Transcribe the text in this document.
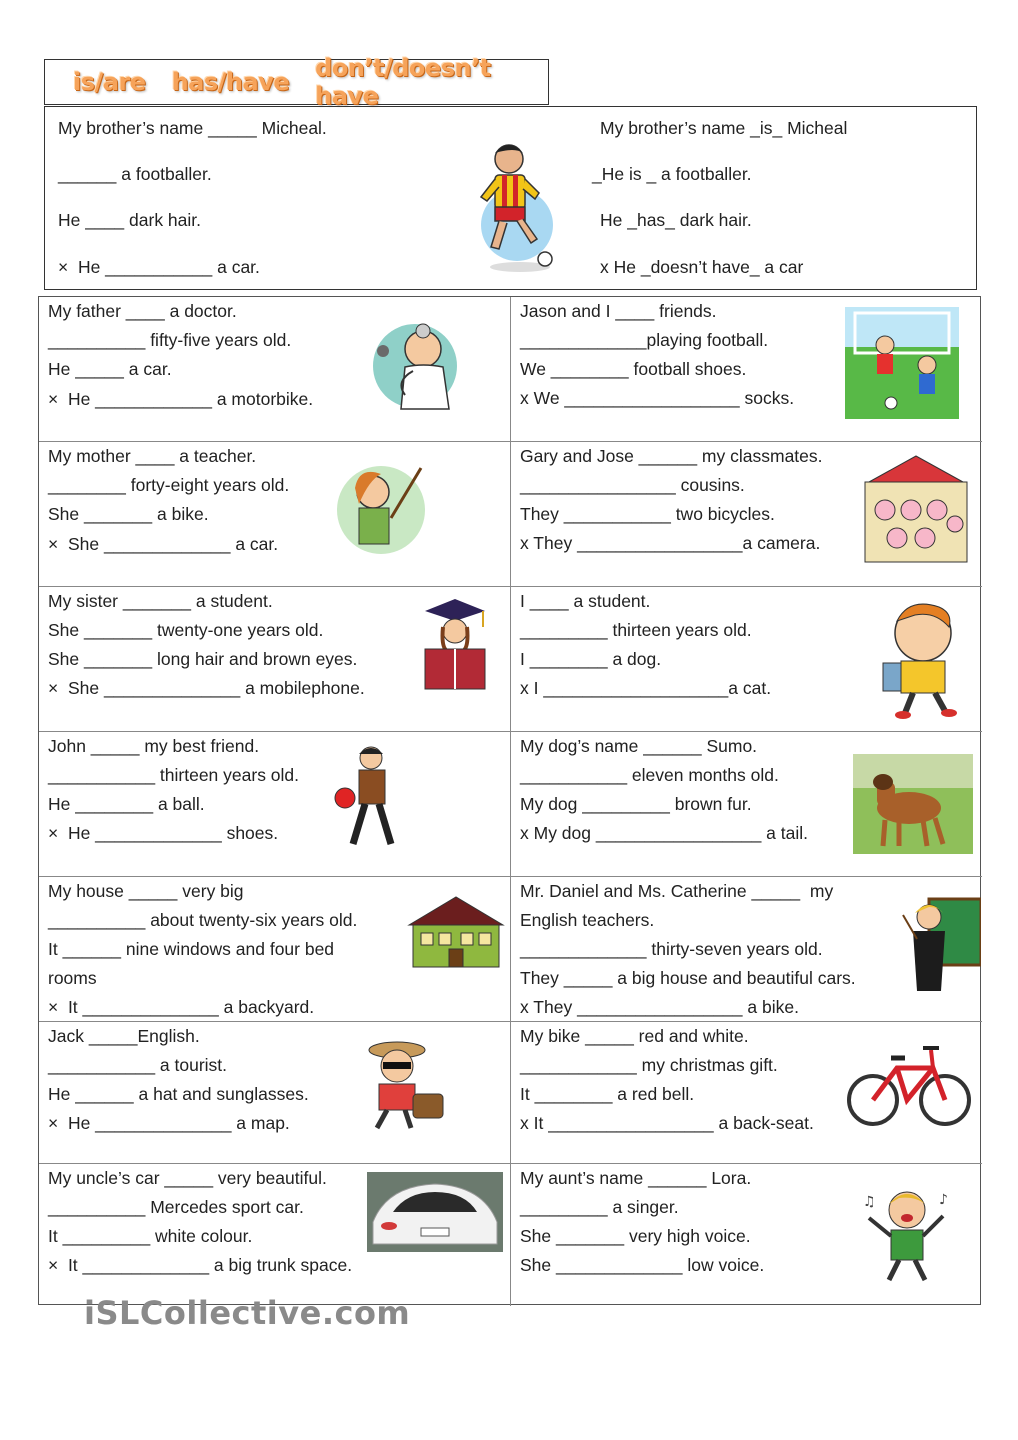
is/are has/have don’t/doesn’t have
My brother’s name _____ Micheal.
______ a footballer.
He ____ dark hair.
×  He ___________ a car.
My brother’s name _is_ Micheal
_He is _ a footballer.
He _has_ dark hair.
x He _doesn’t have_ a car
My father ____ a doctor.
__________ fifty-five years old.
He _____ a car.
×  He ____________ a motorbike.
Jason and I ____ friends.
_____________playing football.
We ________ football shoes.
x We __________________ socks.
My mother ____ a teacher.
________ forty-eight years old.
She _______ a bike.
×  She _____________ a car.
Gary and Jose ______ my classmates.
________________ cousins.
They ___________ two bicycles.
x They _________________a camera.
My sister _______ a student.
She _______ twenty-one years old.
She _______ long hair and brown eyes.
×  She ______________ a mobilephone.
I ____ a student.
_________ thirteen years old.
I ________ a dog.
x I ___________________a cat.
John _____ my best friend.
___________ thirteen years old.
He ________ a ball.
×  He _____________ shoes.
My dog’s name ______ Sumo.
___________ eleven months old.
My dog _________ brown fur.
x My dog _________________ a tail.
My house _____ very big
__________ about twenty-six years old.
It ______ nine windows and four bed
rooms
×  It ______________ a backyard.
Mr. Daniel and Ms. Catherine _____  my
English teachers.
_____________ thirty-seven years old.
They _____ a big house and beautiful cars.
x They _________________ a bike.
Jack _____English.
___________ a tourist.
He ______ a hat and sunglasses.
×  He ______________ a map.
My bike _____ red and white.
____________ my christmas gift.
It ________ a red bell.
x It _________________ a back-seat.
My uncle’s car _____ very beautiful.
__________ Mercedes sport car.
It _________ white colour.
×  It _____________ a big trunk space.
My aunt’s name ______ Lora.
_________ a singer.
She _______ very high voice.
She _____________ low voice.
♪
♫
iSLCollective.com
